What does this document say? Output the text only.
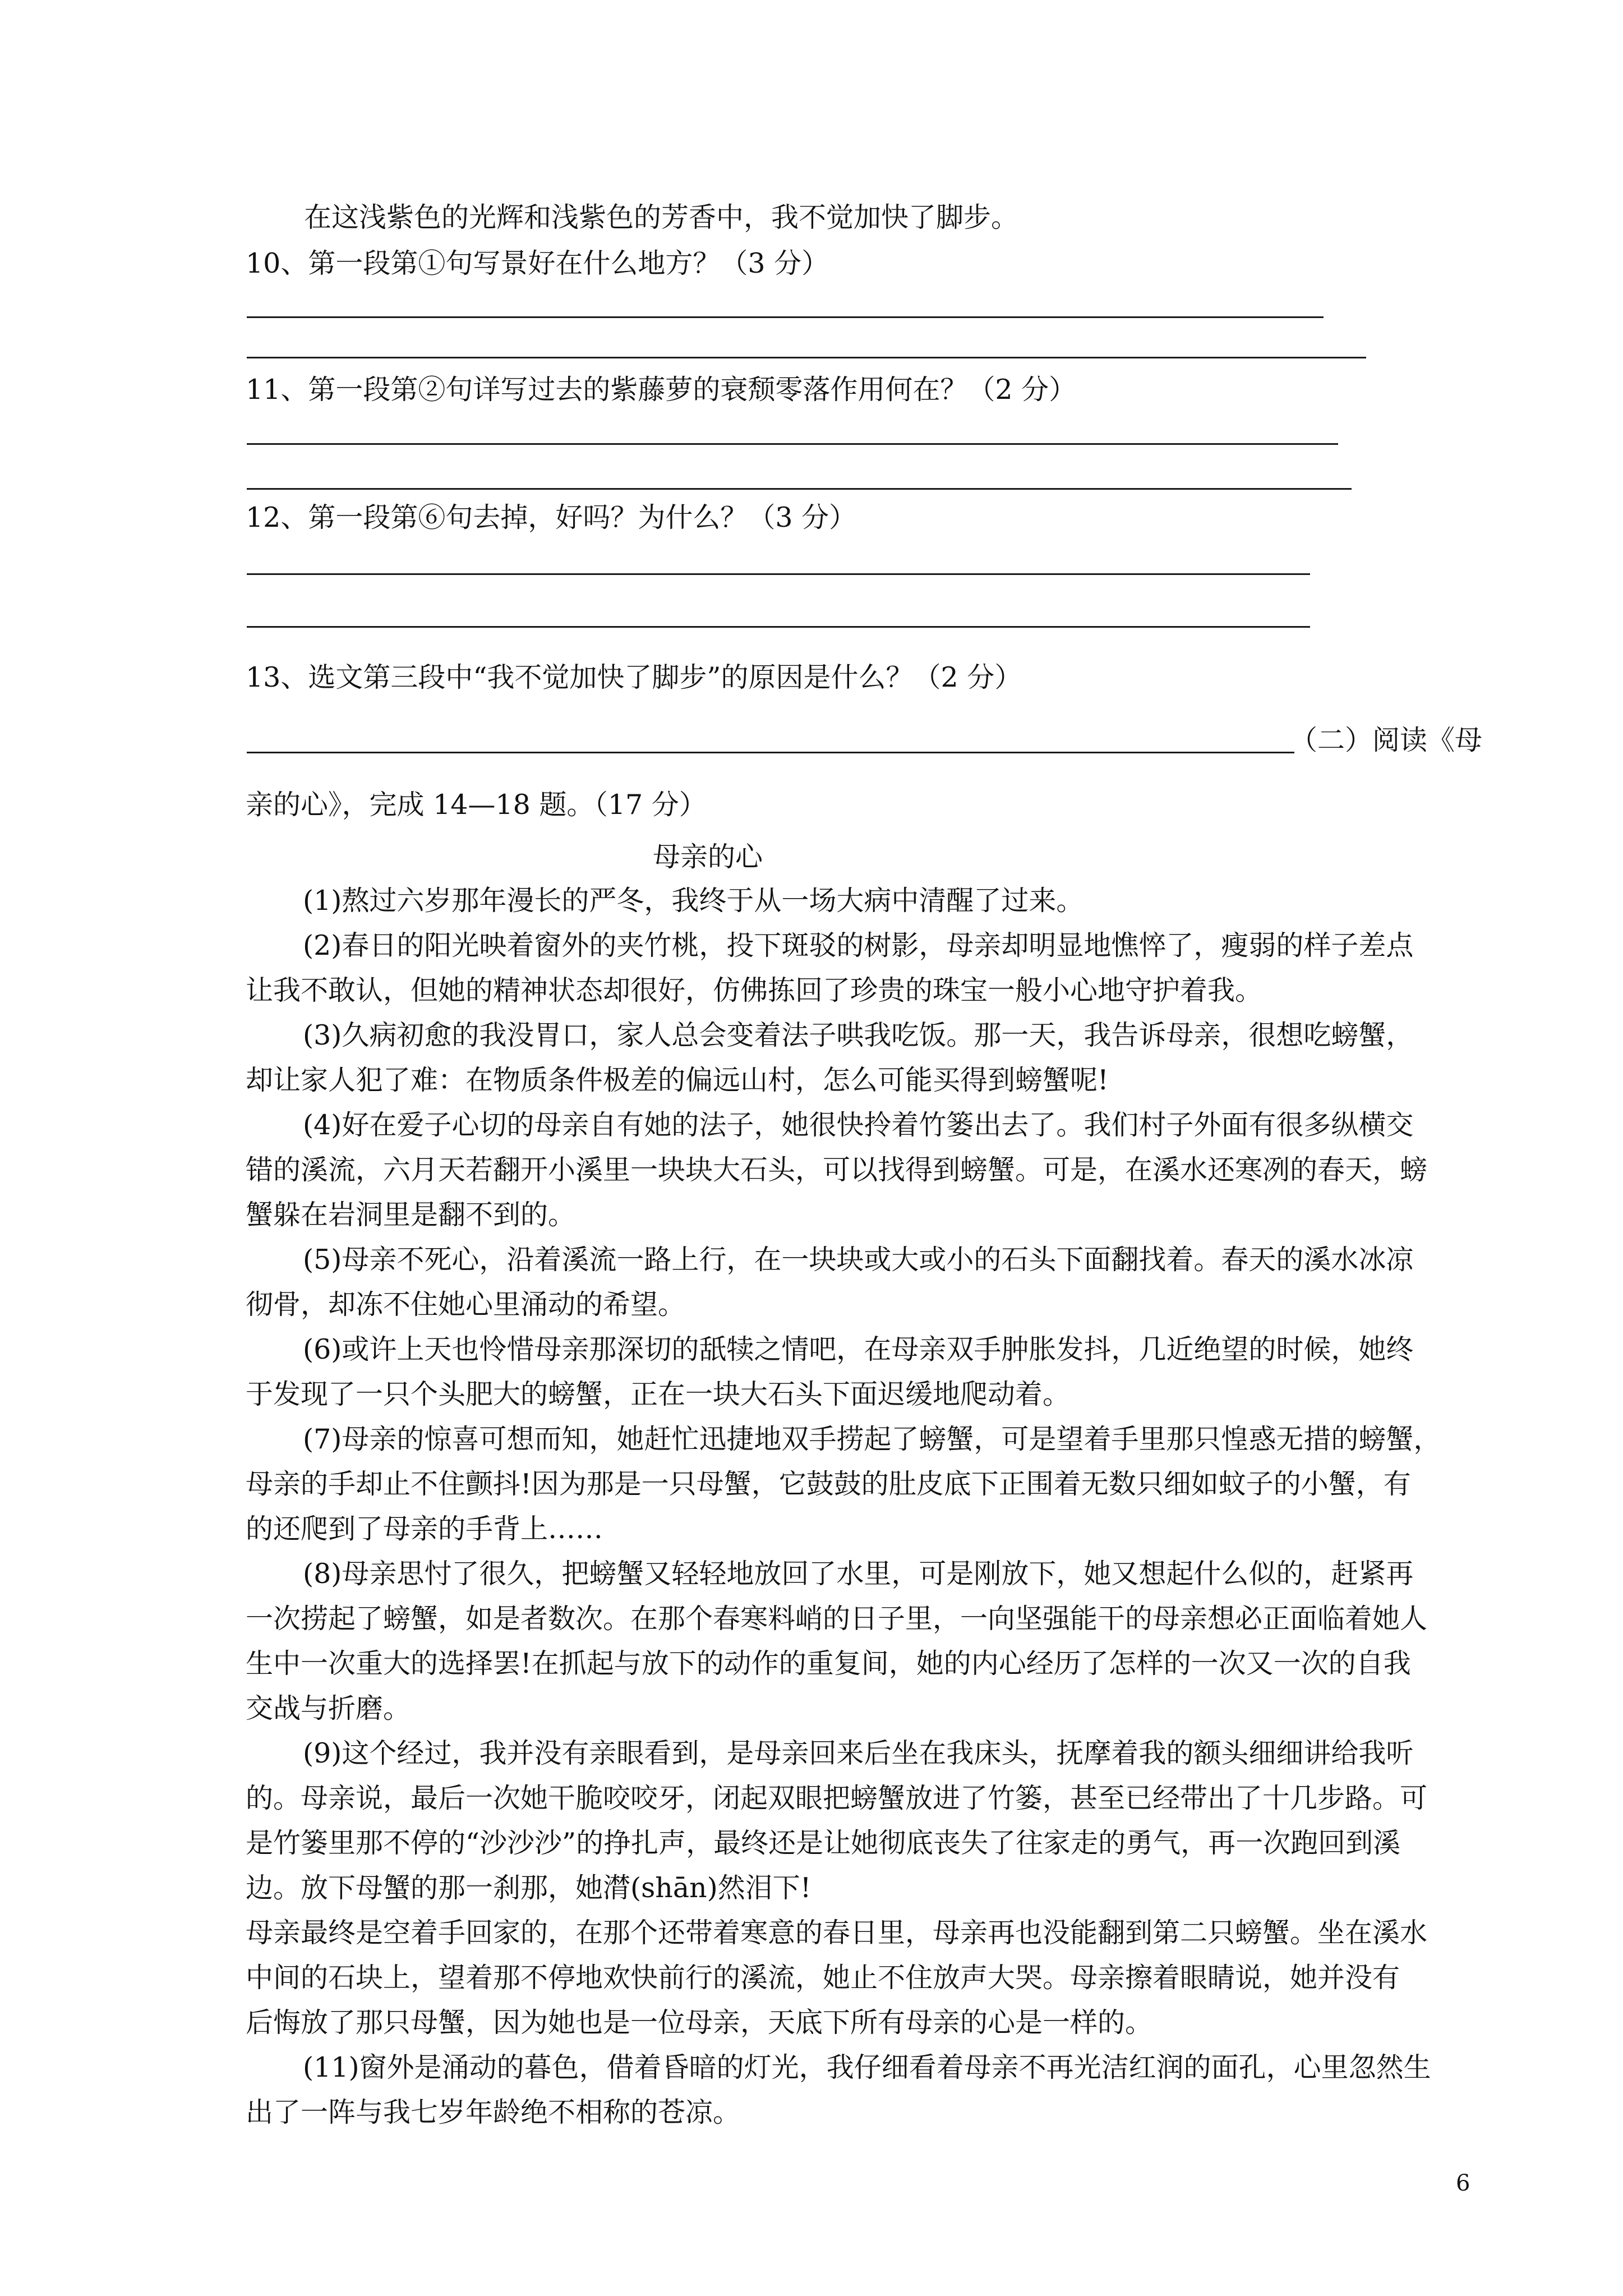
在这浅紫色的光辉和浅紫色的芳香中，我不觉加快了脚步。

10、第一段第①句写景好在什么地方？（3 分）

11、第一段第②句详写过去的紫藤萝的衰颓零落作用何在？（2 分）

12、第一段第⑥句去掉，好吗？为什么？（3 分）

13、选文第三段中“我不觉加快了脚步”的原因是什么？（2 分）

（二）阅读《母

亲的心》，完成 14—18 题。（17 分）

母亲的心

(1)熬过六岁那年漫长的严冬，我终于从一场大病中清醒了过来。

(2)春日的阳光映着窗外的夹竹桃，投下斑驳的树影，母亲却明显地憔悴了，瘦弱的样子差点

让我不敢认，但她的精神状态却很好，仿佛拣回了珍贵的珠宝一般小心地守护着我。

(3)久病初愈的我没胃口，家人总会变着法子哄我吃饭。那一天，我告诉母亲，很想吃螃蟹，

却让家人犯了难：在物质条件极差的偏远山村，怎么可能买得到螃蟹呢!

(4)好在爱子心切的母亲自有她的法子，她很快拎着竹篓出去了。我们村子外面有很多纵横交

错的溪流，六月天若翻开小溪里一块块大石头，可以找得到螃蟹。可是，在溪水还寒冽的春天，螃

蟹躲在岩洞里是翻不到的。

(5)母亲不死心，沿着溪流一路上行，在一块块或大或小的石头下面翻找着。春天的溪水冰凉

彻骨，却冻不住她心里涌动的希望。

(6)或许上天也怜惜母亲那深切的舐犊之情吧，在母亲双手肿胀发抖，几近绝望的时候，她终

于发现了一只个头肥大的螃蟹，正在一块大石头下面迟缓地爬动着。

(7)母亲的惊喜可想而知，她赶忙迅捷地双手捞起了螃蟹，可是望着手里那只惶惑无措的螃蟹，

母亲的手却止不住颤抖!因为那是一只母蟹，它鼓鼓的肚皮底下正围着无数只细如蚊子的小蟹，有

的还爬到了母亲的手背上……

(8)母亲思忖了很久，把螃蟹又轻轻地放回了水里，可是刚放下，她又想起什么似的，赶紧再

一次捞起了螃蟹，如是者数次。在那个春寒料峭的日子里，一向坚强能干的母亲想必正面临着她人

生中一次重大的选择罢!在抓起与放下的动作的重复间，她的内心经历了怎样的一次又一次的自我

交战与折磨。

(9)这个经过，我并没有亲眼看到，是母亲回来后坐在我床头，抚摩着我的额头细细讲给我听

的。母亲说，最后一次她干脆咬咬牙，闭起双眼把螃蟹放进了竹篓，甚至已经带出了十几步路。可

是竹篓里那不停的“沙沙沙”的挣扎声，最终还是让她彻底丧失了往家走的勇气，再一次跑回到溪

边。放下母蟹的那一刹那，她潸(shān)然泪下!

母亲最终是空着手回家的，在那个还带着寒意的春日里，母亲再也没能翻到第二只螃蟹。坐在溪水

中间的石块上，望着那不停地欢快前行的溪流，她止不住放声大哭。母亲擦着眼睛说，她并没有

后悔放了那只母蟹，因为她也是一位母亲，天底下所有母亲的心是一样的。

(11)窗外是涌动的暮色，借着昏暗的灯光，我仔细看着母亲不再光洁红润的面孔，心里忽然生

出了一阵与我七岁年龄绝不相称的苍凉。

6
